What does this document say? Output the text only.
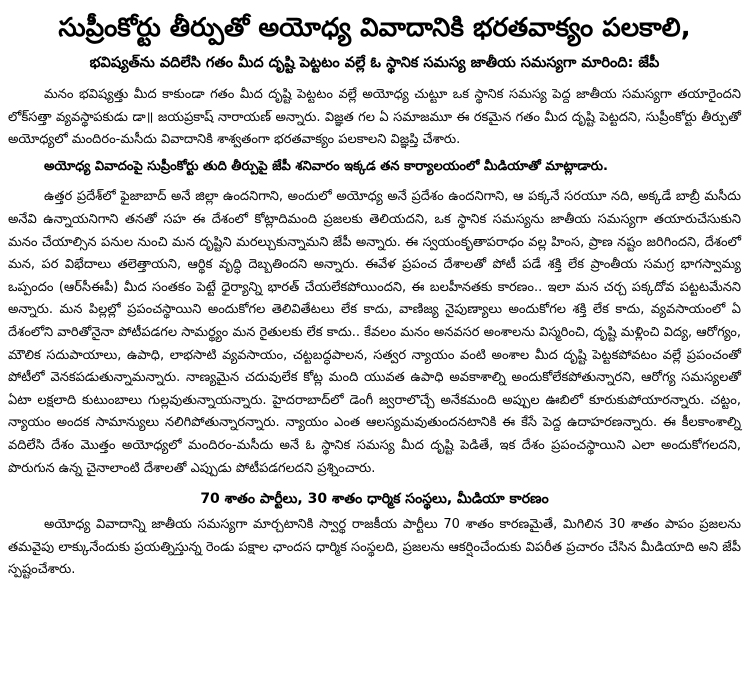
సుప్రీంకోర్టు తీర్పుతో అయోధ్య వివాదానికి భరతవాక్యం పలకాలి,
భవిష్యత్‌ను వదిలేసి గతం మీద దృష్టి పెట్టటం వల్లే ఓ స్థానిక సమస్య జాతీయ సమస్యగా మారింది: జేపీ

మనం భవిష్యత్తు మీద కాకుండా గతం మీద దృష్టి పెట్టటం వల్లే అయోధ్య చుట్టూ ఒక స్థానిక సమస్య పెద్ద జాతీయ సమస్యగా తయారైందని లోక్‌సత్తా వ్యవస్థాపకుడు డా॥ జయప్రకాష్ నారాయణ్ అన్నారు. విజ్ఞత గల ఏ సమాజమూ ఈ రకమైన గతం మీద దృష్టి పెట్టదని, సుప్రీంకోర్టు తీర్పుతో అయోధ్యలో మందిరం-మసీదు వివాదానికి శాశ్వతంగా భరతవాక్యం పలకాలని విజ్ఞప్తి చేశారు.

అయోధ్య వివాదంపై సుప్రీంకోర్టు తుది తీర్పుపై జేపీ శనివారం ఇక్కడ తన కార్యాలయంలో మీడియాతో మాట్లాడారు.

ఉత్తర ప్రదేశ్‌లో ఫైజాబాద్ అనే జిల్లా ఉందనిగాని, అందులో అయోధ్య అనే ప్రదేశం ఉందనిగాని, ఆ పక్కనే సరయూ నది, అక్కడే బాబ్రీ మసీదు అనేవి ఉన్నాయనిగాని తనతో సహ ఈ దేశంలో కోట్లాదిమంది ప్రజలకు తెలియదని, ఒక స్థానిక సమస్యను జాతీయ సమస్యగా తయారుచేసుకుని మనం చేయాల్సిన పనుల నుంచి మన దృష్టిని మరల్చుకున్నామని జేపీ అన్నారు. ఈ స్వయంకృతాపరాధం వల్ల హింస, ప్రాణ నష్టం జరిగిందని, దేశంలో మన, పర విభేదాలు తలెత్తాయని, ఆర్థిక వృద్ధి దెబ్బతిందని అన్నారు. ఈవేళ ప్రపంచ దేశాలతో పోటీ పడే శక్తి లేక ప్రాంతీయ సమగ్ర భాగస్వామ్య ఒప్పందం (ఆర్‌సీఈపీ) మీద సంతకం పెట్టే ధైర్యాన్ని భారత్ చేయలేకపోయిందని, ఈ బలహీనతకు కారణం.. ఇలా మన చర్చ పక్కదోవ పట్టటమేనని అన్నారు. మన పిల్లల్లో ప్రపంచస్థాయిని అందుకోగల తెలివితేటలు లేక కాదు, వాణిజ్య నైపుణ్యాలు అందుకోగల శక్తి లేక కాదు, వ్యవసాయంలో ఏ దేశంలోని వారితోనైనా పోటీపడగల సామర్థ్యం మన రైతులకు లేక కాదు.. కేవలం మనం అనవసర అంశాలను విస్మరించి, దృష్టి మళ్లించి విద్య, ఆరోగ్యం, మౌలిక సదుపాయాలు, ఉపాధి, లాభసాటి వ్యవసాయం, చట్టబద్ధపాలన, సత్వర న్యాయం వంటి అంశాల మీద దృష్టి పెట్టకపోవటం వల్లే ప్రపంచంతో పోటీలో వెనకపడుతున్నామన్నారు. నాణ్యమైన చదువులేక కోట్ల మంది యువత ఉపాధి అవకాశాల్ని అందుకోలేకపోతున్నారని, ఆరోగ్య సమస్యలతో ఏటా లక్షలాది కుటుంబాలు గుల్లవుతున్నాయన్నారు. హైదరాబాద్‌లో డెంగీ జ్వరాలొచ్చే అనేకమంది అప్పుల ఊబిలో కూరుకుపోయారన్నారు. చట్టం, న్యాయం అందక సామాన్యులు నలిగిపోతున్నారన్నారు. న్యాయం ఎంత ఆలస్యమవుతుందనటానికి ఈ కేసే పెద్ద ఉదాహరణన్నారు. ఈ కీలకాంశాల్ని వదిలేసి దేశం మొత్తం అయోధ్యలో మందిరం-మసీదు అనే ఓ స్థానిక సమస్య మీద దృష్టి పెడితే, ఇక దేశం ప్రపంచస్థాయిని ఎలా అందుకోగలదని, పొరుగున ఉన్న చైనాలాంటి దేశాలతో ఎప్పుడు పోటీపడగలదని ప్రశ్నించారు.

70 శాతం పార్టీలు, 30 శాతం ధార్మిక సంస్థలు, మీడియా కారణం

అయోధ్య వివాదాన్ని జాతీయ సమస్యగా మార్చటానికి స్వార్థ రాజకీయ పార్టీలు 70 శాతం కారణమైతే, మిగిలిన 30 శాతం పాపం ప్రజలను తమవైపు లాక్కునేందుకు ప్రయత్నిస్తున్న రెండు పక్షాల ఛాందస ధార్మిక సంస్థలది, ప్రజలను ఆకర్షించేందుకు విపరీత ప్రచారం చేసిన మీడియాది అని జేపీ స్పష్టంచేశారు.
